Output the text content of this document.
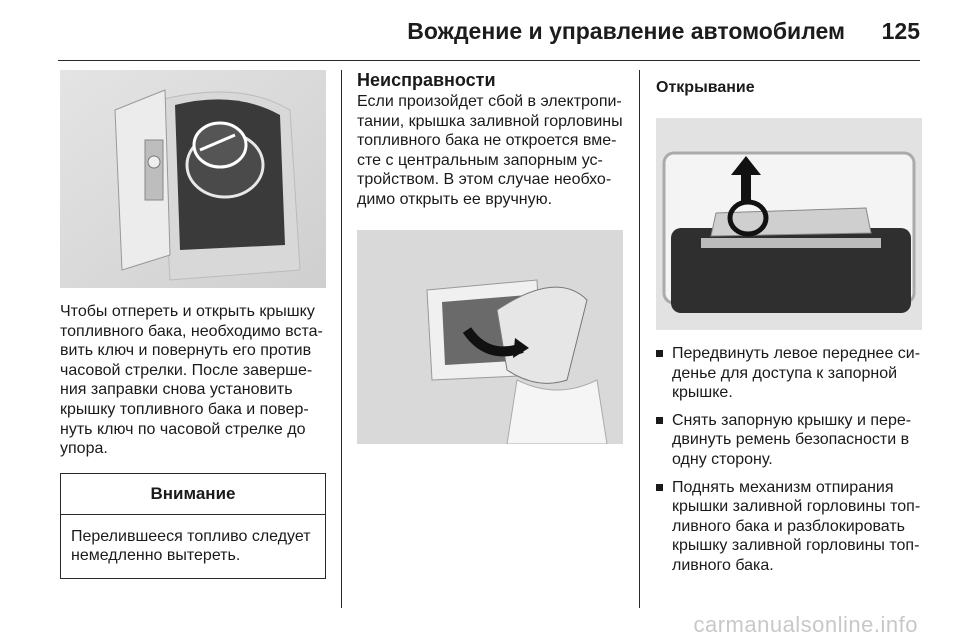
Вождение и управление автомобилем 125

Чтобы отпереть и открыть крышку
топливного бака, необходимо вста-
вить ключ и повернуть его против
часовой стрелки. После заверше-
ния заправки снова установить
крышку топливного бака и повер-
нуть ключ по часовой стрелке до
упора.

Внимание
Перелившееся топливо следует
немедленно вытереть.

Неисправности

Если произойдет сбой в электропи-
тании, крышка заливной горловины
топливного бака не откроется вме-
сте с центральным запорным ус-
тройством. В этом случае необхо-
димо открыть ее вручную.

Открывание

Передвинуть левое переднее си-
денье для доступа к запорной
крышке.
Снять запорную крышку и пере-
двинуть ремень безопасности в
одну сторону.
Поднять механизм отпирания
крышки заливной горловины топ-
ливного бака и разблокировать
крышку заливной горловины топ-
ливного бака.
carmanualsonline.info
